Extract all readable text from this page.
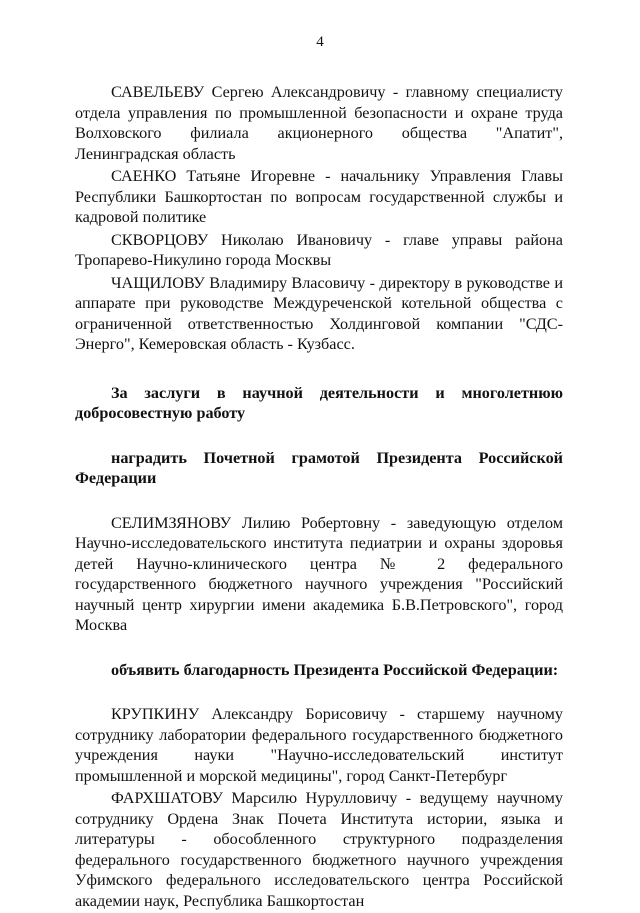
4

САВЕЛЬЕВУ Сергею Александровичу - главному специалисту отдела управления по промышленной безопасности и охране труда Волховского филиала акционерного общества "Апатит", Ленинградская область

САЕНКО Татьяне Игоревне - начальнику Управления Главы Республики Башкортостан по вопросам государственной службы и кадровой политике

СКВОРЦОВУ Николаю Ивановичу - главе управы района Тропарево-Никулино города Москвы

ЧАЩИЛОВУ Владимиру Власовичу - директору в руководстве и аппарате при руководстве Междуреченской котельной общества с ограниченной ответственностью Холдинговой компании "СДС-Энерго", Кемеровская область - Кузбасс.

За заслуги в научной деятельности и многолетнюю добросовестную работу

наградить Почетной грамотой Президента Российской Федерации

СЕЛИМЗЯНОВУ Лилию Робертовну - заведующую отделом Научно-исследовательского института педиатрии и охраны здоровья детей Научно-клинического центра № 2 федерального государственного бюджетного научного учреждения "Российский научный центр хирургии имени академика Б.В.Петровского", город Москва

объявить благодарность Президента Российской Федерации:

КРУПКИНУ Александру Борисовичу - старшему научному сотруднику лаборатории федерального государственного бюджетного учреждения науки "Научно-исследовательский институт промышленной и морской медицины", город Санкт-Петербург

ФАРХШАТОВУ Марсилю Нурулловичу - ведущему научному сотруднику Ордена Знак Почета Института истории, языка и литературы - обособленного структурного подразделения федерального государственного бюджетного научного учреждения Уфимского федерального исследовательского центра Российской академии наук, Республика Башкортостан
